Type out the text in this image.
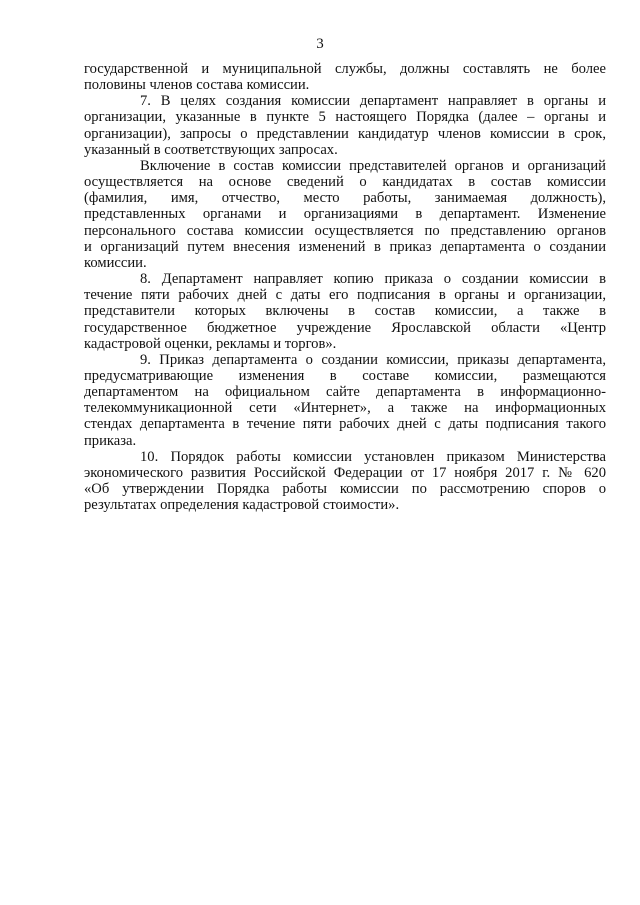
3
государственной и муниципальной службы, должны составлять не более
половины членов состава комиссии.
7. В целях создания комиссии департамент направляет в органы и
организации, указанные в пункте 5 настоящего Порядка (далее – органы и
организации), запросы о представлении кандидатур членов комиссии в срок,
указанный в соответствующих запросах.
Включение в состав комиссии представителей органов и организаций
осуществляется на основе сведений о кандидатах в состав комиссии
(фамилия, имя, отчество, место работы, занимаемая должность),
представленных органами и организациями в департамент. Изменение
персонального состава комиссии осуществляется по представлению органов
и организаций путем внесения изменений в приказ департамента о создании
комиссии.
8. Департамент направляет копию приказа о создании комиссии в
течение пяти рабочих дней с даты его подписания в органы и организации,
представители которых включены в состав комиссии, а также в
государственное бюджетное учреждение Ярославской области «Центр
кадастровой оценки, рекламы и торгов».
9. Приказ департамента о создании комиссии, приказы департамента,
предусматривающие изменения в составе комиссии, размещаются
департаментом на официальном сайте департамента в информационно-
телекоммуникационной сети «Интернет», а также на информационных
стендах департамента в течение пяти рабочих дней с даты подписания такого
приказа.
10. Порядок работы комиссии установлен приказом Министерства
экономического развития Российской Федерации от 17 ноября 2017 г. № 620
«Об утверждении Порядка работы комиссии по рассмотрению споров о
результатах определения кадастровой стоимости».
